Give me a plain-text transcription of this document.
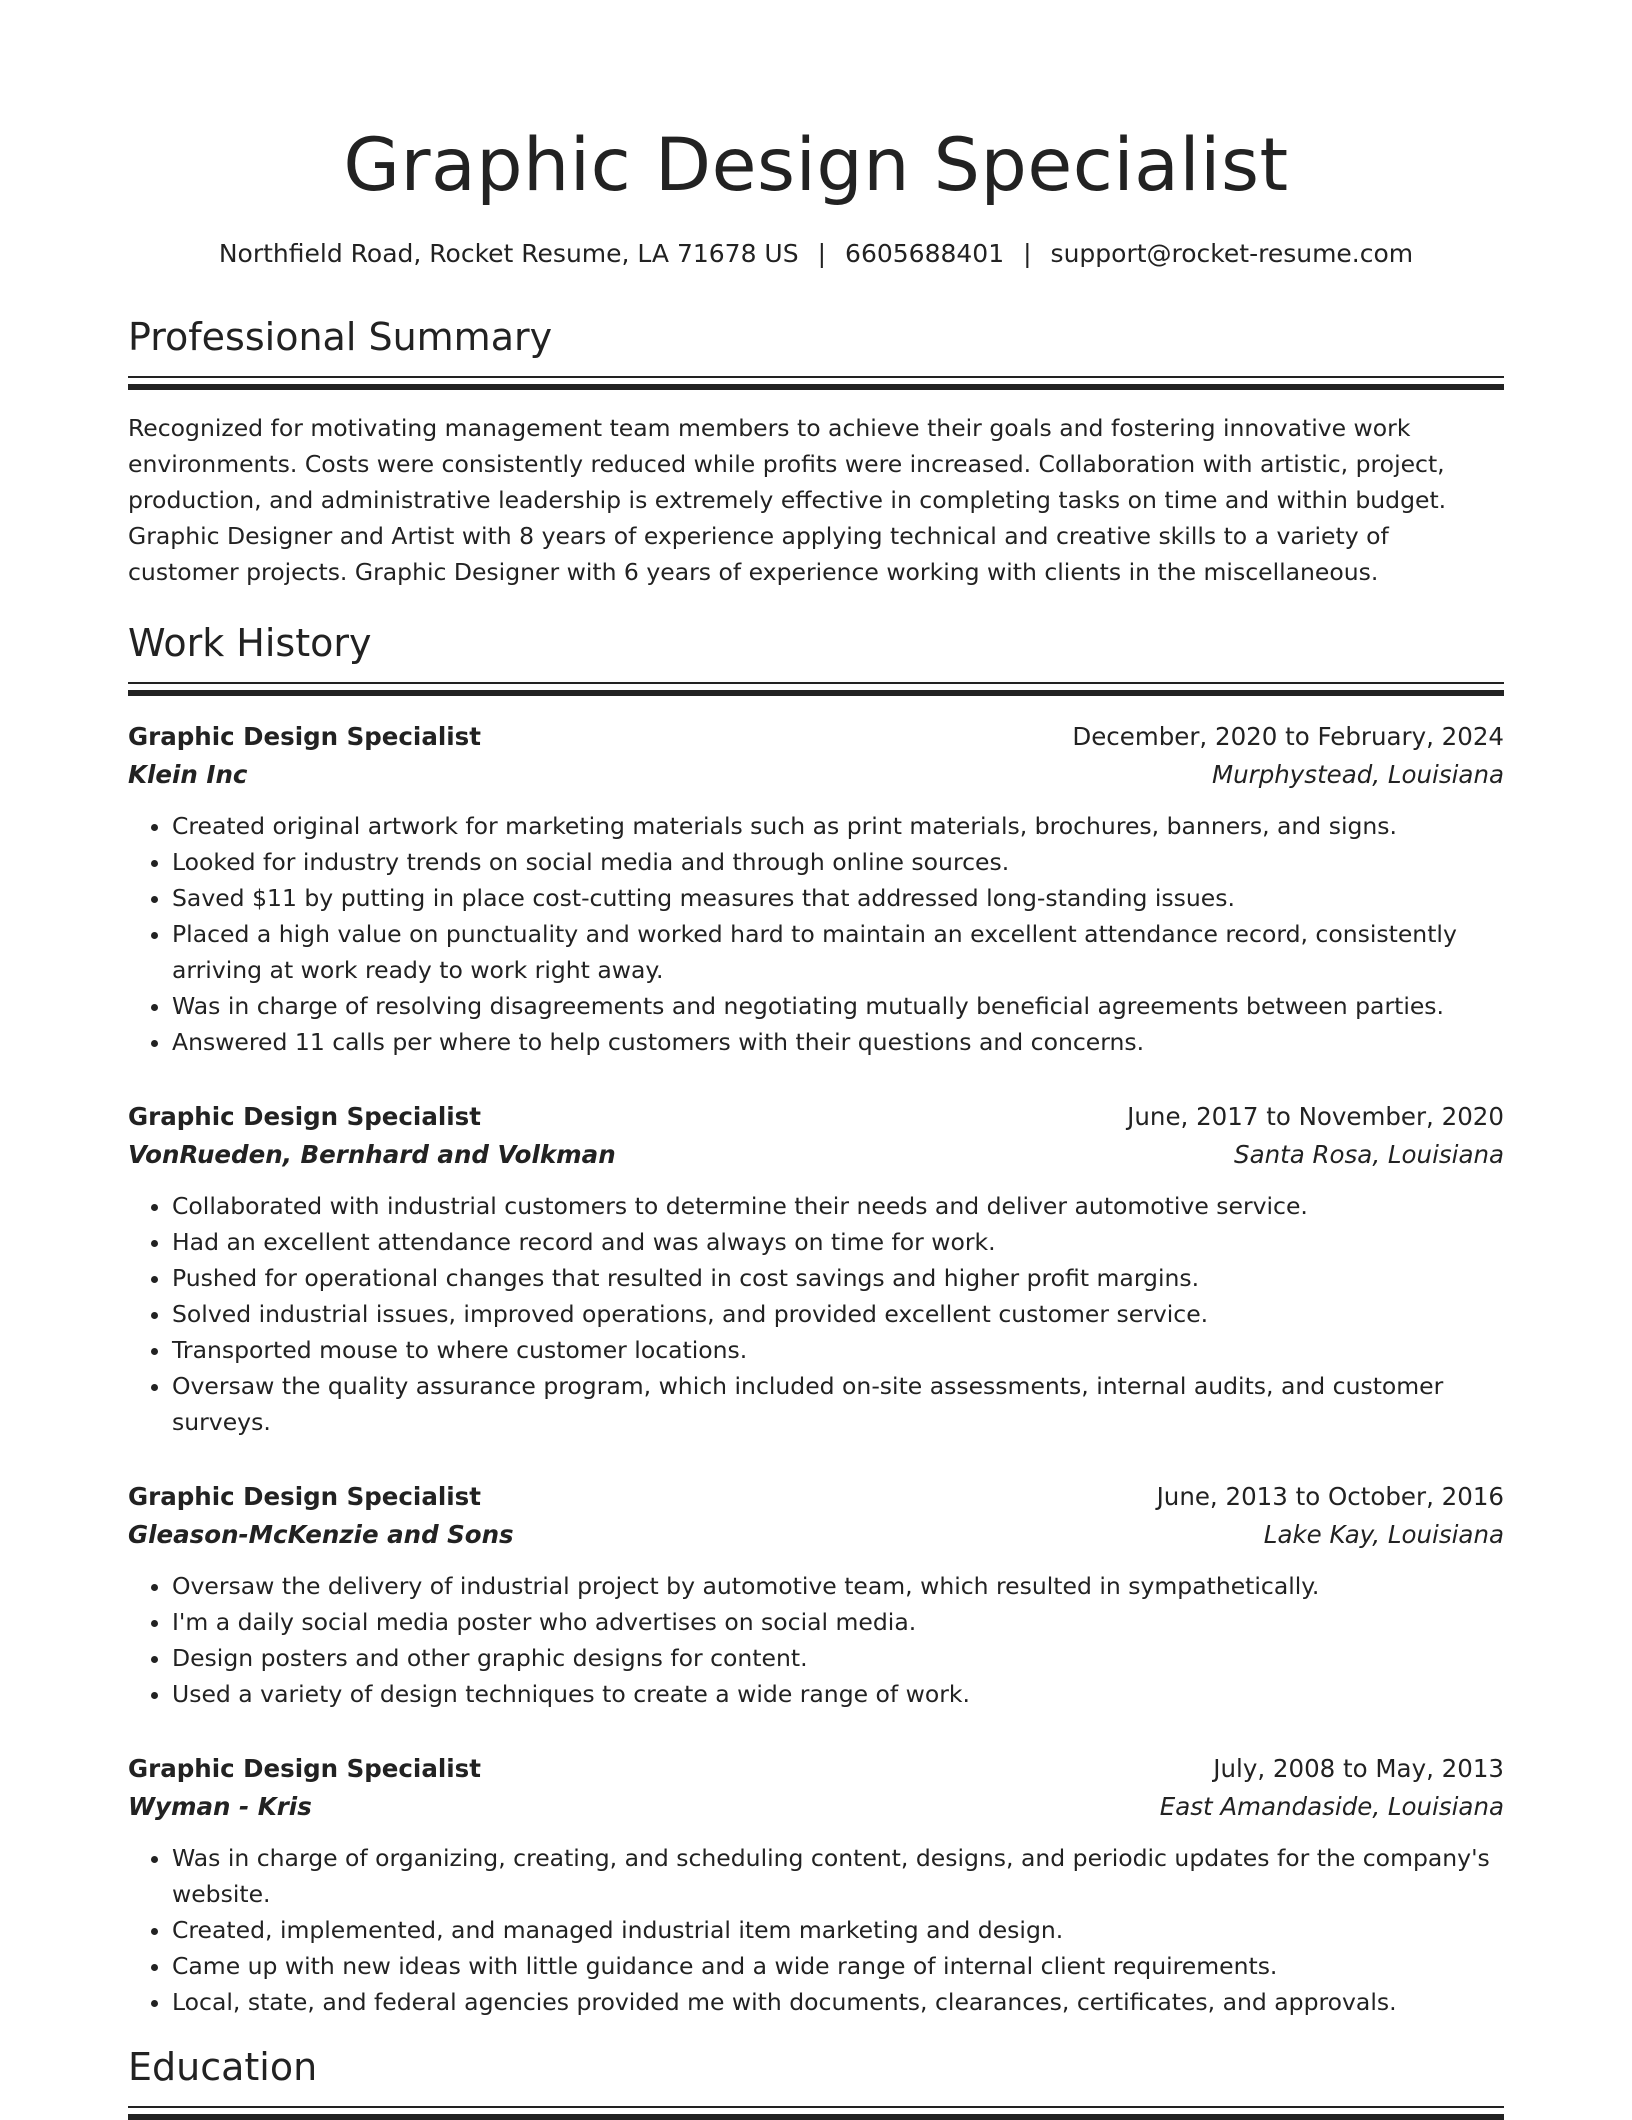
Graphic Design Specialist
Northfield Road, Rocket Resume, LA 71678 US | 6605688401 | support@rocket-resume.com
Professional Summary
Recognized for motivating management team members to achieve their goals and fostering innovative work environments. Costs were consistently reduced while profits were increased. Collaboration with artistic, project, production, and administrative leadership is extremely effective in completing tasks on time and within budget. Graphic Designer and Artist with 8 years of experience applying technical and creative skills to a variety of customer projects. Graphic Designer with 6 years of experience working with clients in the miscellaneous.
Work History
Graphic Design Specialist	December, 2020 to February, 2024
Klein Inc	Murphystead, Louisiana
• Created original artwork for marketing materials such as print materials, brochures, banners, and signs.
• Looked for industry trends on social media and through online sources.
• Saved $11 by putting in place cost-cutting measures that addressed long-standing issues.
• Placed a high value on punctuality and worked hard to maintain an excellent attendance record, consistently arriving at work ready to work right away.
• Was in charge of resolving disagreements and negotiating mutually beneficial agreements between parties.
• Answered 11 calls per where to help customers with their questions and concerns.
Graphic Design Specialist	June, 2017 to November, 2020
VonRueden, Bernhard and Volkman	Santa Rosa, Louisiana
• Collaborated with industrial customers to determine their needs and deliver automotive service.
• Had an excellent attendance record and was always on time for work.
• Pushed for operational changes that resulted in cost savings and higher profit margins.
• Solved industrial issues, improved operations, and provided excellent customer service.
• Transported mouse to where customer locations.
• Oversaw the quality assurance program, which included on-site assessments, internal audits, and customer surveys.
Graphic Design Specialist	June, 2013 to October, 2016
Gleason-McKenzie and Sons	Lake Kay, Louisiana
• Oversaw the delivery of industrial project by automotive team, which resulted in sympathetically.
• I'm a daily social media poster who advertises on social media.
• Design posters and other graphic designs for content.
• Used a variety of design techniques to create a wide range of work.
Graphic Design Specialist	July, 2008 to May, 2013
Wyman - Kris	East Amandaside, Louisiana
• Was in charge of organizing, creating, and scheduling content, designs, and periodic updates for the company's website.
• Created, implemented, and managed industrial item marketing and design.
• Came up with new ideas with little guidance and a wide range of internal client requirements.
• Local, state, and federal agencies provided me with documents, clearances, certificates, and approvals.
Education
